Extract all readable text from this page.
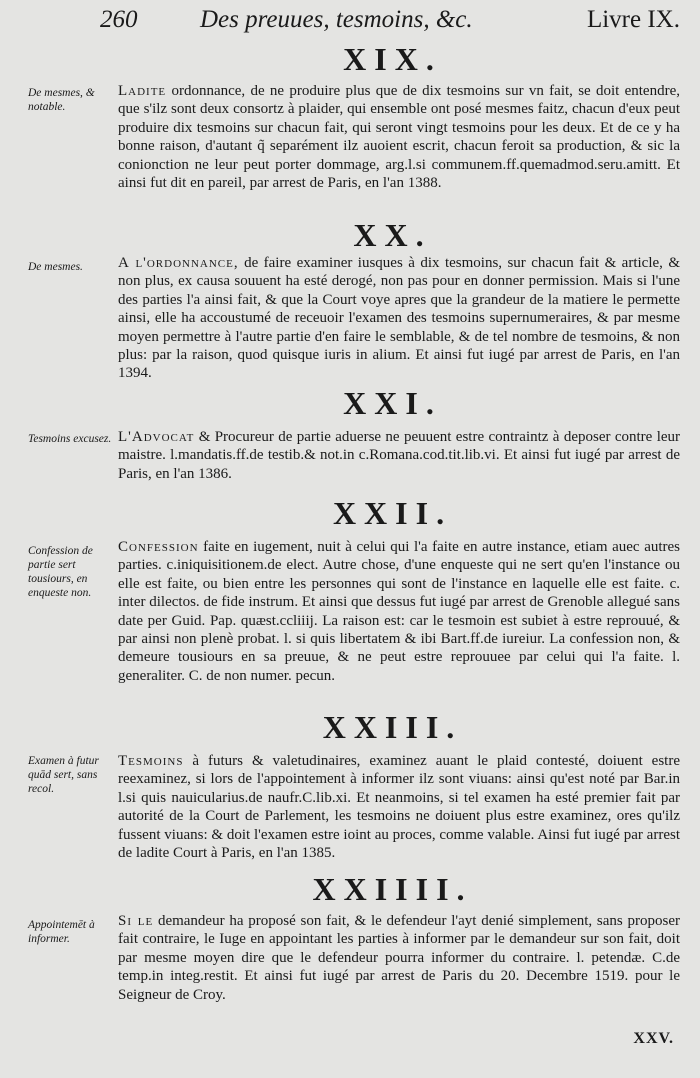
260	Des preuues, tesmoins, &c.	Livre IX.
XIX.

De mesmes, & notable.

Ladite ordonnance, de ne produire plus que de dix tesmoins sur vn fait, se doit entendre, que s'ilz sont deux consortz à plaider, qui ensemble ont posé mesmes faitz, chacun d'eux peut produire dix tesmoins sur chacun fait, qui seront vingt tesmoins pour les deux. Et de ce y ha bonne raison, d'autant q̃ separément ilz auoient escrit, chacun feroit sa production, & sic la conionction ne leur peut porter dommage, arg.l.si communem.ff.quemadmod.seru.amitt. Et ainsi fut dit en pareil, par arrest de Paris, en l'an 1388.

XX.

De mesmes.	A l'ordonnance, de faire examiner iusques à dix tesmoins, sur chacun fait & article, & non plus, ex causa souuent ha esté derogé, non pas pour en donner permission. Mais si l'une des parties l'a ainsi fait, & que la Court voye apres que la grandeur de la matiere le permette ainsi, elle ha accoustumé de receuoir l'examen des tesmoins supernumeraires, & par mesme moyen permettre à l'autre partie d'en faire le semblable, & de tel nombre de tesmoins, & non plus: par la raison, quod quisque iuris in alium. Et ainsi fut iugé par arrest de Paris, en l'an 1394.

XXI.

Tesmoins excusez. L'Advocat & Procureur de partie aduerse ne peuuent estre contraintz à deposer contre leur maistre. l.mandatis.ff.de testib.& not.in c.Romana.cod.tit.lib.vi. Et ainsi fut iugé par arrest de Paris, en l'an 1386.

XXII.

Confession de partie sert tousiours, en enqueste non.

Confession faite en iugement, nuit à celui qui l'a faite en autre instance, etiam auec autres parties. c.iniquisitionem.de elect. Autre chose, d'une enqueste qui ne sert qu'en l'instance ou elle est faite, ou bien entre les personnes qui sont de l'instance en laquelle elle est faite. c. inter dilectos. de fide instrum. Et ainsi que dessus fut iugé par arrest de Grenoble allegué sans date per Guid. Pap. quæst.ccliiij. La raison est: car le tesmoin est subiet à estre reprouué, & par ainsi non plenè probat. l. si quis libertatem & ibi Bart.ff.de iureiur. La confession non, & demeure tousiours en sa preuue, & ne peut estre reprouuee par celui qui l'a faite. l. generaliter. C. de non numer. pecun.

XXIII.

Examen à futur quād sert, sans recol.

Tesmoins à futurs & valetudinaires, examinez auant le plaid contesté, doiuent estre reexaminez, si lors de l'appointement à informer ilz sont viuans: ainsi qu'est noté par Bar.in l.si quis nauicularius.de naufr.C.lib.xi. Et neanmoins, si tel examen ha esté premier fait par autorité de la Court de Parlement, les tesmoins ne doiuent plus estre examinez, ores qu'ilz fussent viuans: & doit l'examen estre ioint au proces, comme valable. Ainsi fut iugé par arrest de ladite Court à Paris, en l'an 1385.

XXIIII.

Appointemēt à informer.

Si le demandeur ha proposé son fait, & le defendeur l'ayt denié simplement, sans proposer fait contraire, le Iuge en appointant les parties à informer par le demandeur sur son fait, doit par mesme moyen dire que le defendeur pourra informer du contraire. l. petendæ. C.de temp.in integ.restit. Et ainsi fut iugé par arrest de Paris du 20. Decembre 1519. pour le Seigneur de Croy.

XXV.
